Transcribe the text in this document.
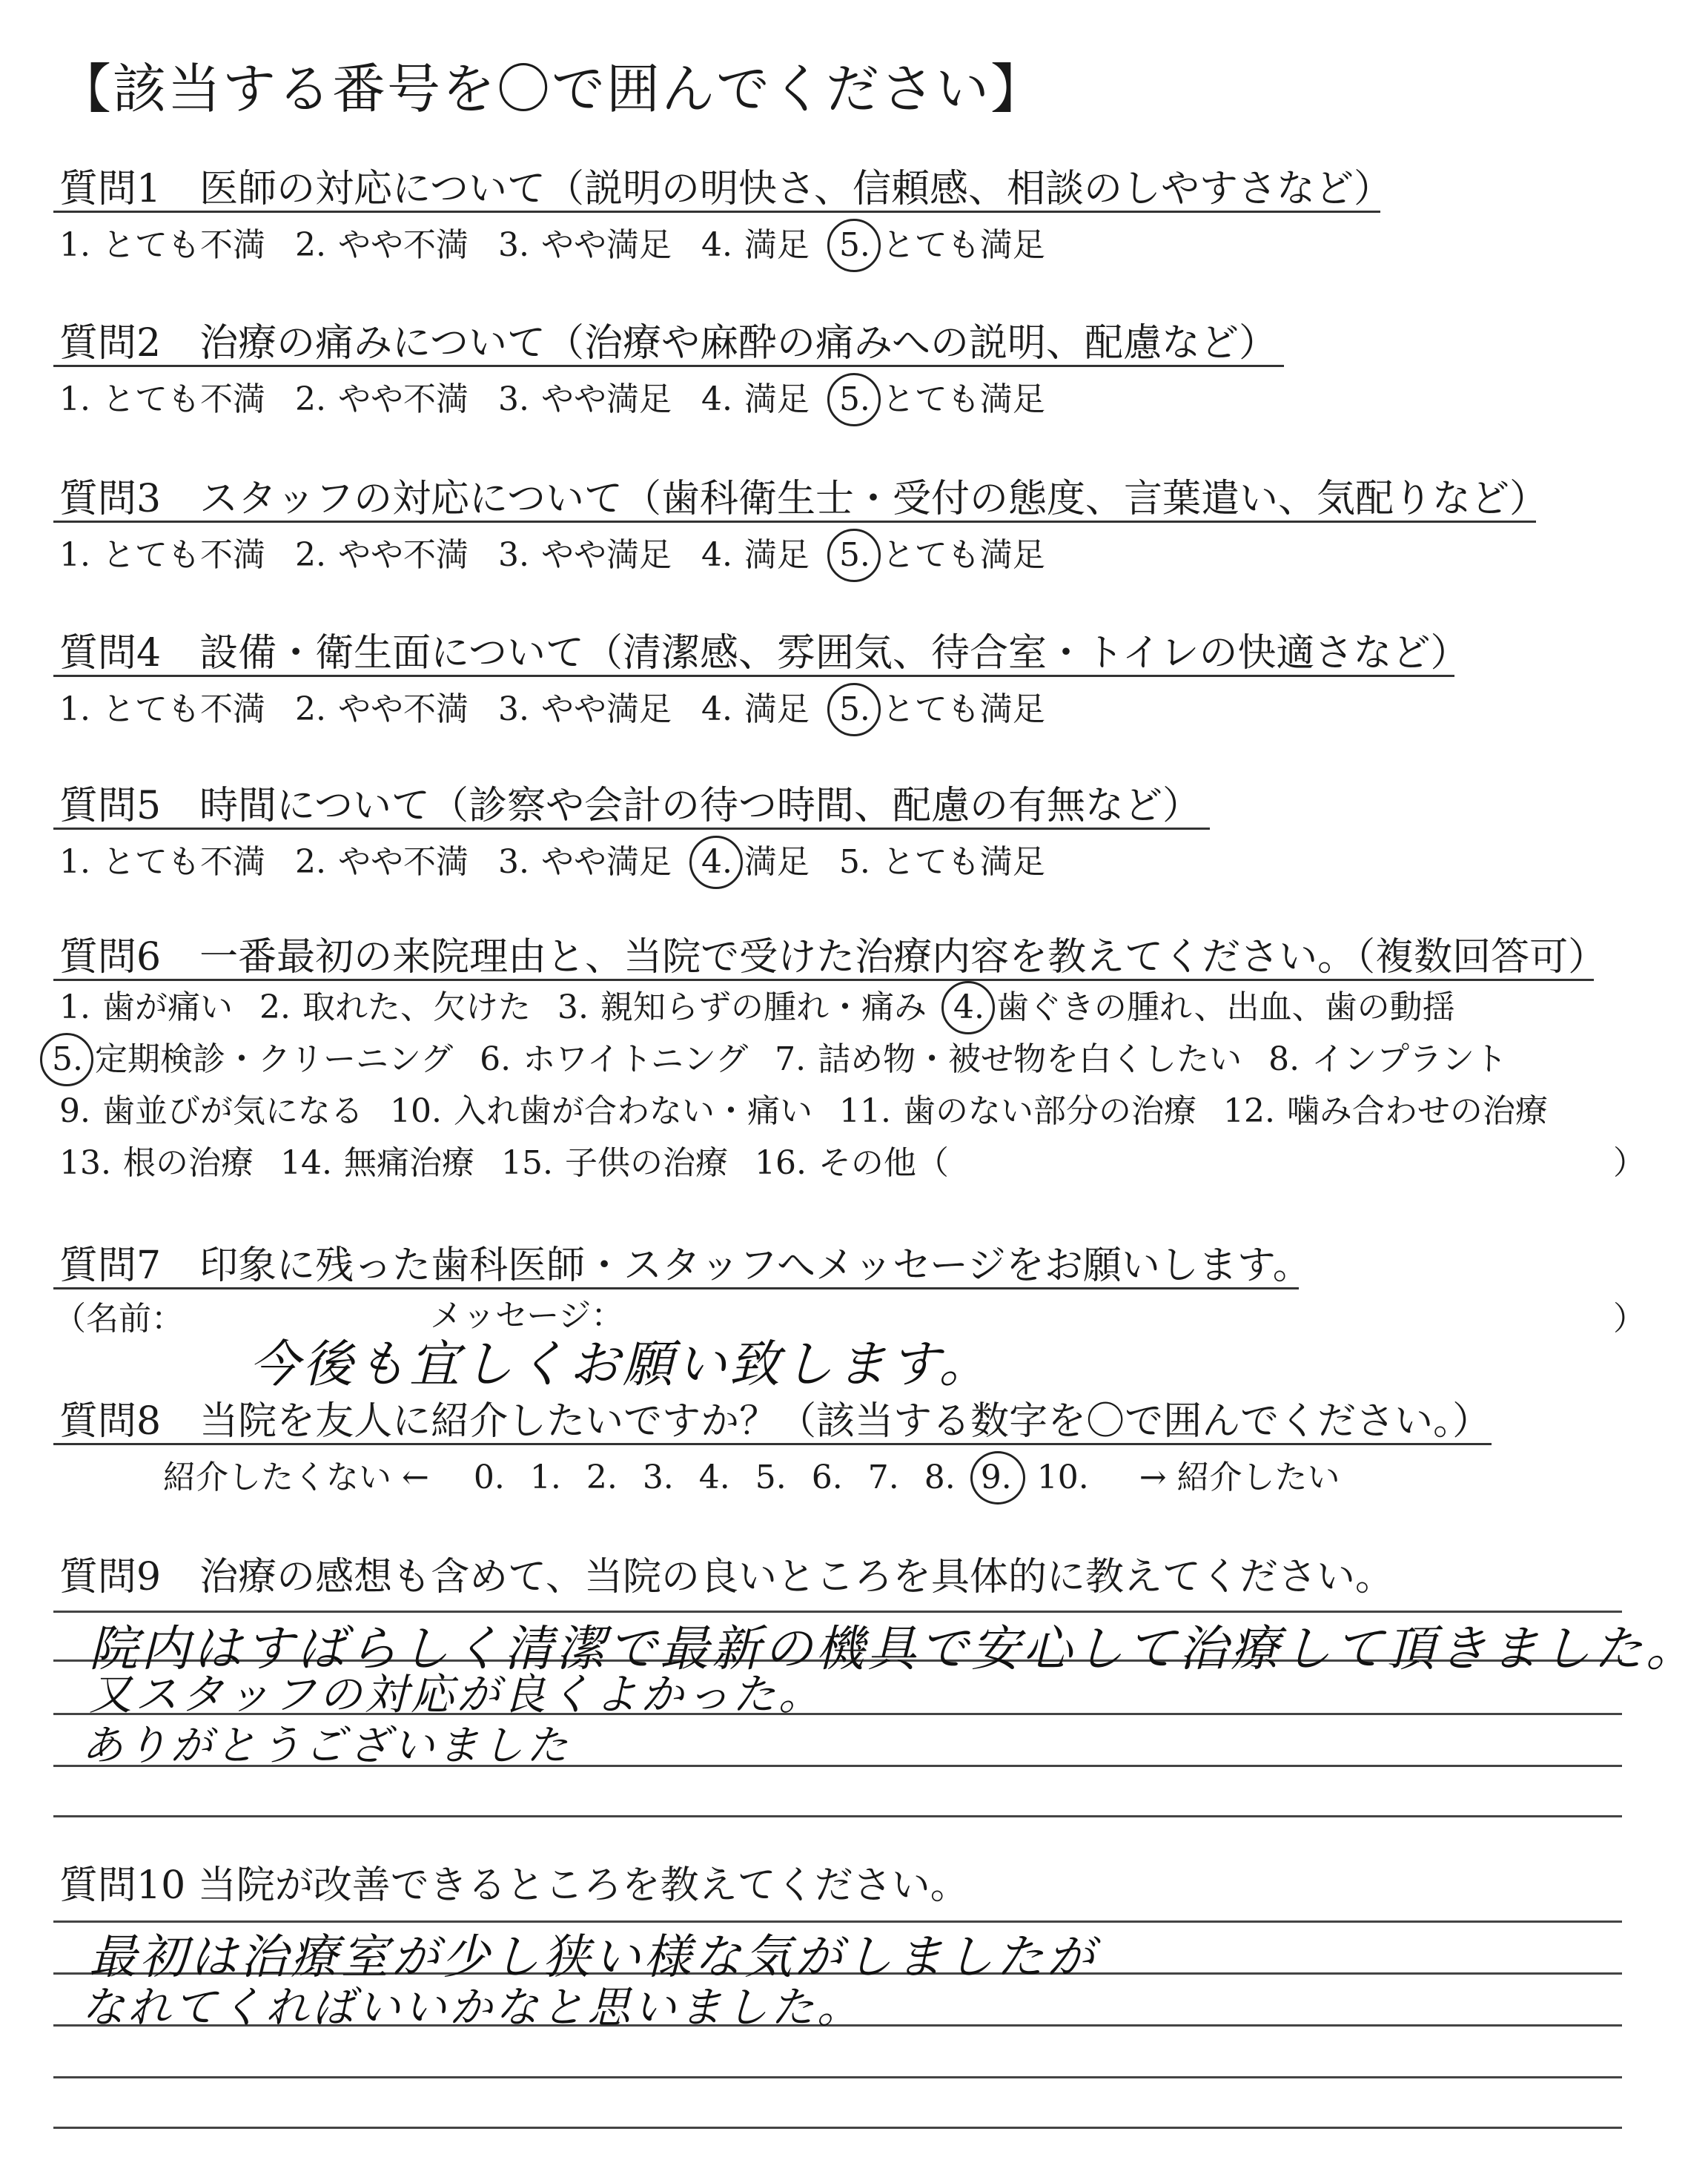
【該当する番号を〇で囲んでください】
質問1　医師の対応について（説明の明快さ、信頼感、相談のしやすさなど）
1. とても不満 2. やや不満 3. やや満足 4. 満足 5. とても満足
質問2　治療の痛みについて（治療や麻酔の痛みへの説明、配慮など）
1. とても不満 2. やや不満 3. やや満足 4. 満足 5. とても満足
質問3　スタッフの対応について（歯科衛生士・受付の態度、言葉遣い、気配りなど）
1. とても不満 2. やや不満 3. やや満足 4. 満足 5. とても満足
質問4　設備・衛生面について（清潔感、雰囲気、待合室・トイレの快適さなど）
1. とても不満 2. やや不満 3. やや満足 4. 満足 5. とても満足
質問5　時間について（診察や会計の待つ時間、配慮の有無など）
1. とても不満 2. やや不満 3. やや満足 4. 満足 5. とても満足
質問6　一番最初の来院理由と、当院で受けた治療内容を教えてください。（複数回答可）
1. 歯が痛い 2. 取れた、欠けた 3. 親知らずの腫れ・痛み 4. 歯ぐきの腫れ、出血、歯の動揺
5. 定期検診・クリーニング 6. ホワイトニング 7. 詰め物・被せ物を白くしたい 8. インプラント
9. 歯並びが気になる 10. 入れ歯が合わない・痛い 11. 歯のない部分の治療 12. 噛み合わせの治療
13. 根の治療 14. 無痛治療 15. 子供の治療 16. その他（	）
質問7　印象に残った歯科医師・スタッフへメッセージをお願いします。
（名前：	メッセージ：	）
今後も宜しくお願い致します。
質問8　当院を友人に紹介したいですか？（該当する数字を〇で囲んでください。）
紹介したくない ← 0. 1. 2. 3. 4. 5. 6. 7. 8. 9. 10. → 紹介したい
質問9　治療の感想も含めて、当院の良いところを具体的に教えてください。
院内はすばらしく清潔で最新の機具で安心して治療して頂きました。
又スタッフの対応が良くよかった。
ありがとうございました
質問10 当院が改善できるところを教えてください。
最初は治療室が少し狭い様な気がしましたが
なれてくればいいかなと思いました。
